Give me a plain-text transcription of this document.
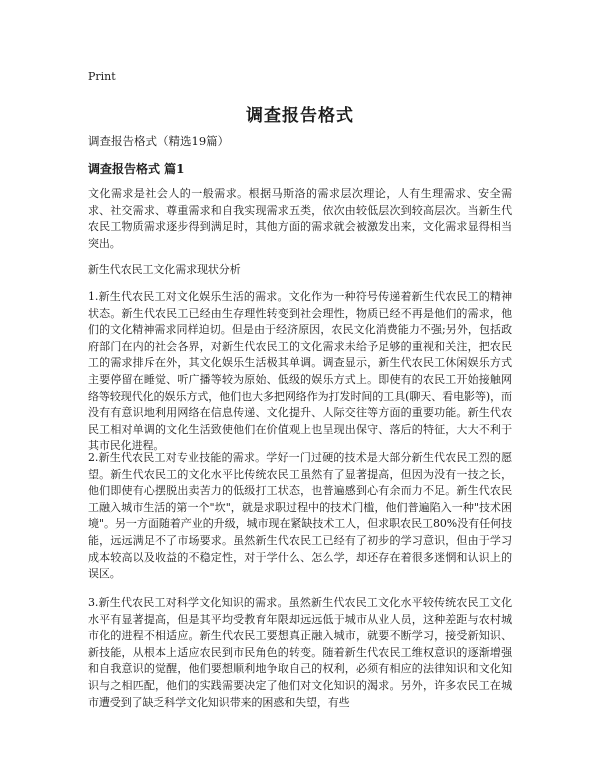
Print
调查报告格式

调查报告格式（精选19篇）

调查报告格式 篇1

文化需求是社会人的一般需求。根据马斯洛的需求层次理论，人有生理需求、安全需求、社交需求、尊重需求和自我实现需求五类，依次由较低层次到较高层次。当新生代农民工物质需求逐步得到满足时，其他方面的需求就会被激发出来，文化需求显得相当突出。

新生代农民工文化需求现状分析

1.新生代农民工对文化娱乐生活的需求。文化作为一种符号传递着新生代农民工的精神状态。新生代农民工已经由生存理性转变到社会理性，物质已经不再是他们的需求，他们的文化精神需求同样迫切。但是由于经济原因，农民文化消费能力不强;另外，包括政府部门在内的社会各界，对新生代农民工的文化需求未给予足够的重视和关注，把农民工的需求排斥在外，其文化娱乐生活极其单调。调查显示，新生代农民工休闲娱乐方式主要停留在睡觉、听广播等较为原始、低级的娱乐方式上。即使有的农民工开始接触网络等较现代化的娱乐方式，他们也大多把网络作为打发时间的工具(聊天、看电影等)，而没有有意识地利用网络在信息传递、文化提升、人际交往等方面的重要功能。新生代农民工相对单调的文化生活致使他们在价值观上也呈现出保守、落后的特征，大大不利于其市民化进程。

2.新生代农民工对专业技能的需求。学好一门过硬的技术是大部分新生代农民工烈的愿望。新生代农民工的文化水平比传统农民工虽然有了显著提高，但因为没有一技之长，他们即使有心摆脱出卖苦力的低级打工状态，也普遍感到心有余而力不足。新生代农民工融入城市生活的第一个"坎"，就是求职过程中的技术门槛，他们普遍陷入一种"技术困境"。另一方面随着产业的升级，城市现在紧缺技术工人，但求职农民工80%没有任何技能，远远满足不了市场要求。虽然新生代农民工已经有了初步的学习意识，但由于学习成本较高以及收益的不稳定性，对于学什么、怎么学，却还存在着很多迷惘和认识上的误区。

3.新生代农民工对科学文化知识的需求。虽然新生代农民工文化水平较传统农民工文化水平有显著提高，但是其平均受教育年限却远远低于城市从业人员，这种差距与农村城市化的进程不相适应。新生代农民工要想真正融入城市，就要不断学习，接受新知识、新技能，从根本上适应农民到市民角色的转变。随着新生代农民工维权意识的逐渐增强和自我意识的觉醒，他们要想顺利地争取自己的权利，必须有相应的法律知识和文化知识与之相匹配，他们的实践需要决定了他们对文化知识的渴求。另外，许多农民工在城市遭受到了缺乏科学文化知识带来的困惑和失望，有些
